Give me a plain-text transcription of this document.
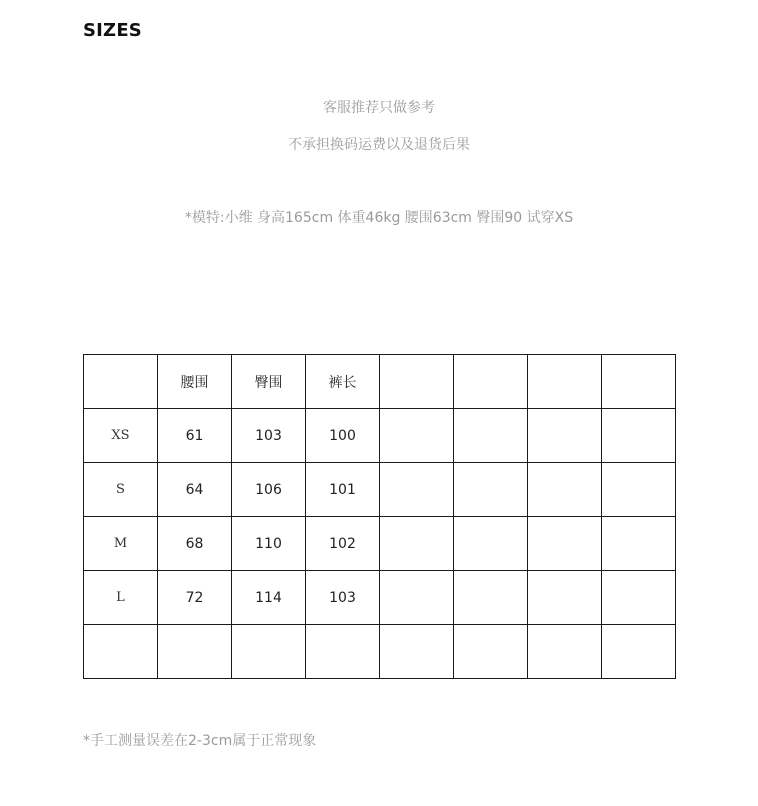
SIZES
客服推荐只做参考
不承担换码运费以及退货后果
*模特:小维 身高165cm 体重46kg 腰围63cm 臀围90 试穿XS
	腰围	臀围	裤长				
XS	61	103	100				
S	64	106	101				
M	68	110	102				
L	72	114	103				

*手工测量误差在2-3cm属于正常现象
